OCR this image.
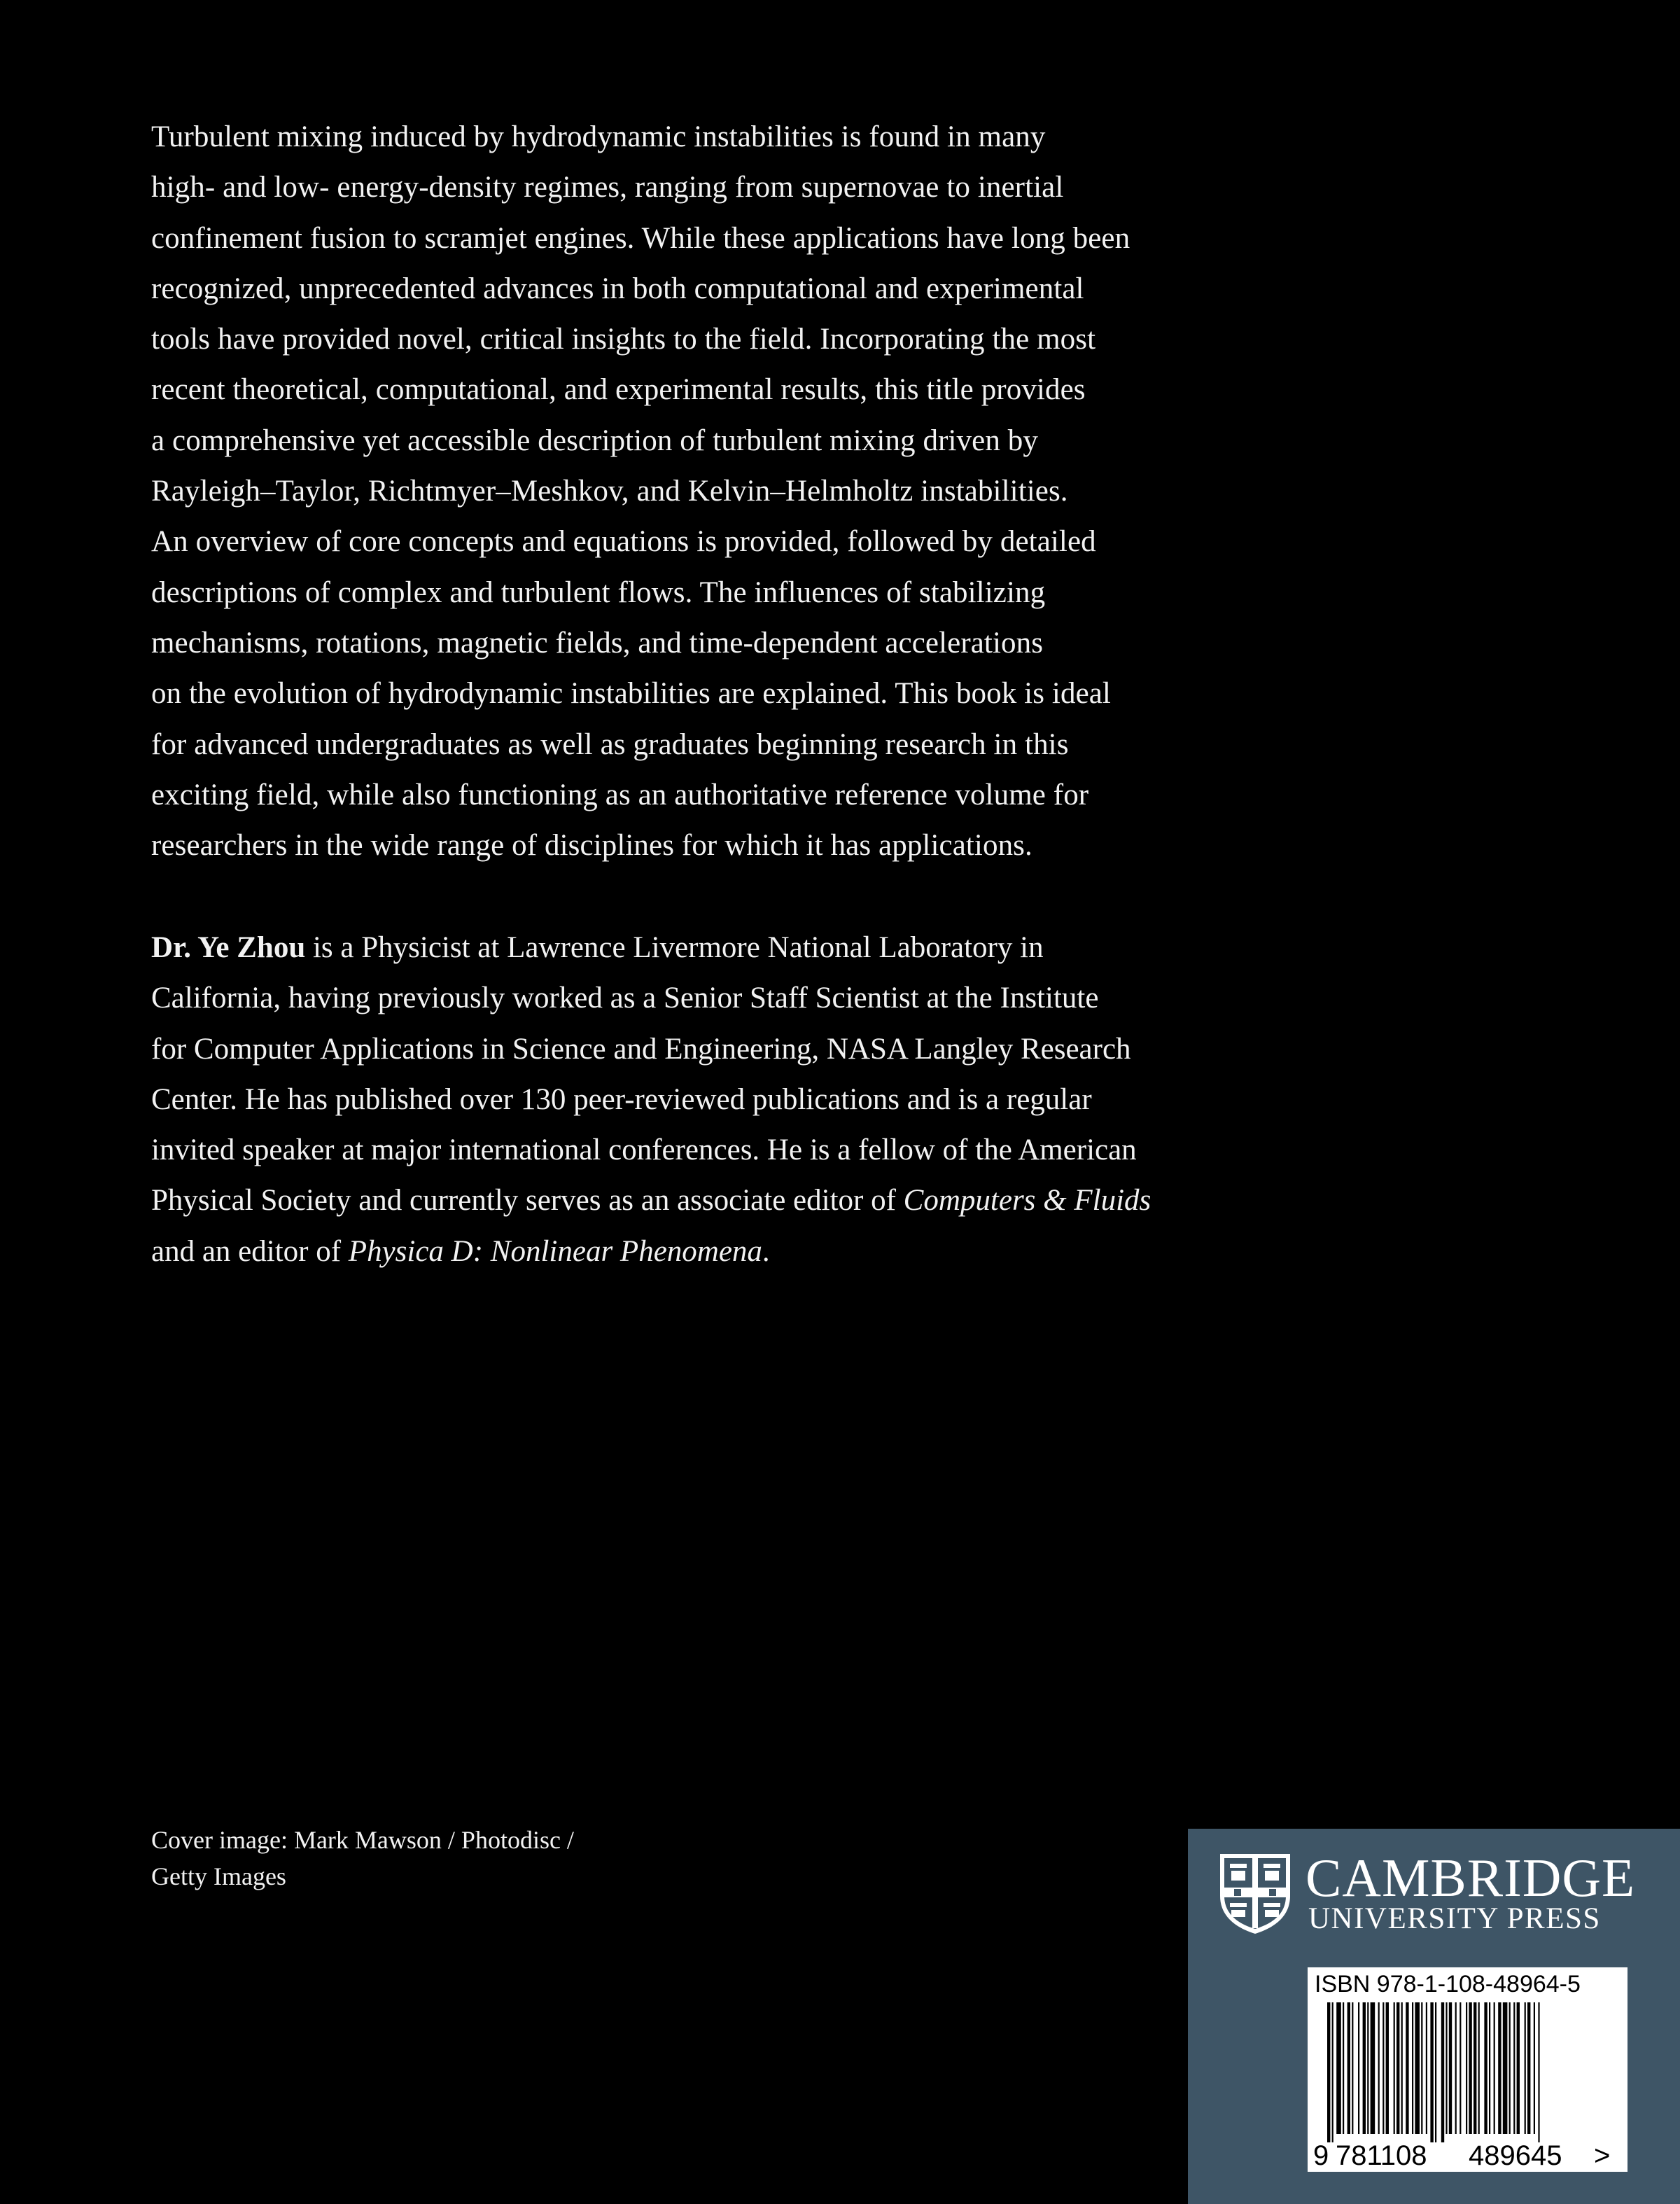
Turbulent mixing induced by hydrodynamic instabilities is found in many
high- and low- energy-density regimes, ranging from supernovae to inertial
confinement fusion to scramjet engines. While these applications have long been
recognized, unprecedented advances in both computational and experimental
tools have provided novel, critical insights to the field. Incorporating the most
recent theoretical, computational, and experimental results, this title provides
a comprehensive yet accessible description of turbulent mixing driven by
Rayleigh–Taylor, Richtmyer–Meshkov, and Kelvin–Helmholtz instabilities.
An overview of core concepts and equations is provided, followed by detailed
descriptions of complex and turbulent flows. The influences of stabilizing
mechanisms, rotations, magnetic fields, and time-dependent accelerations
on the evolution of hydrodynamic instabilities are explained. This book is ideal
for advanced undergraduates as well as graduates beginning research in this
exciting field, while also functioning as an authoritative reference volume for
researchers in the wide range of disciplines for which it has applications.
Dr. Ye Zhou is a Physicist at Lawrence Livermore National Laboratory in
California, having previously worked as a Senior Staff Scientist at the Institute
for Computer Applications in Science and Engineering, NASA Langley Research
Center. He has published over 130 peer-reviewed publications and is a regular
invited speaker at major international conferences. He is a fellow of the American
Physical Society and currently serves as an associate editor of Computers & Fluids
and an editor of Physica D: Nonlinear Phenomena.
Cover image: Mark Mawson / Photodisc /
Getty Images	CAMBRIDGE
UNIVERSITY PRESS
ISBN 978-1-108-48964-5
9 781108 489645 >
